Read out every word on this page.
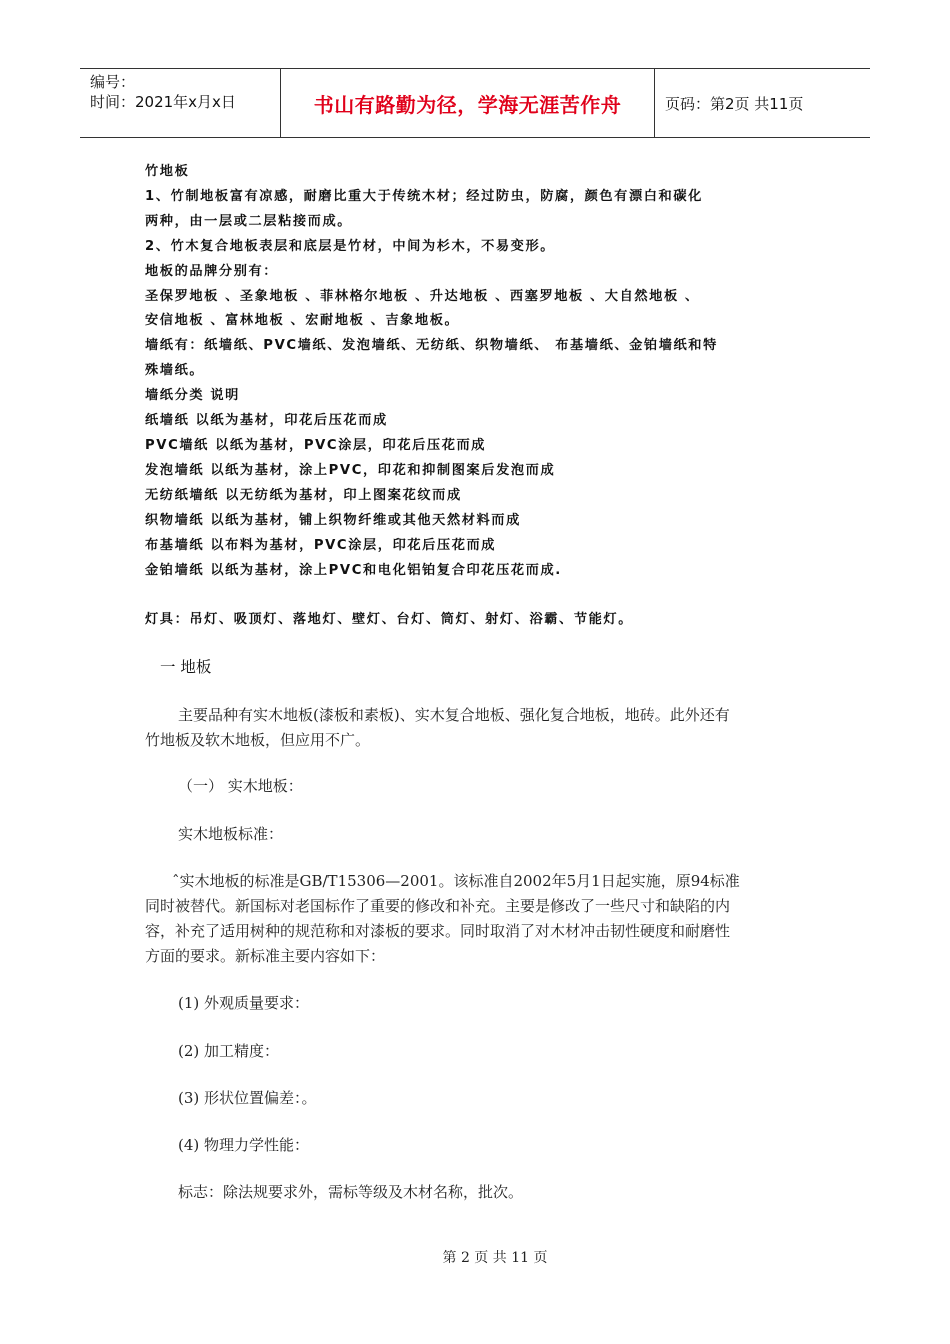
编号：
时间：2021年x月x日	书山有路勤为径，学海无涯苦作舟	页码：第2页 共11页

竹地板

1、竹制地板富有凉感，耐磨比重大于传统木材；经过防虫，防腐，颜色有漂白和碳化

两种，由一层或二层粘接而成。

2、竹木复合地板表层和底层是竹材，中间为杉木，不易变形。

地板的品牌分别有：

圣保罗地板 、圣象地板 、菲林格尔地板 、升达地板 、西塞罗地板 、大自然地板 、

安信地板 、富林地板 、宏耐地板 、吉象地板。

墙纸有：纸墙纸、PVC墙纸、发泡墙纸、无纺纸、织物墙纸、 布基墙纸、金铂墙纸和特

殊墙纸。

墙纸分类 说明

纸墙纸 以纸为基材，印花后压花而成

PVC墙纸 以纸为基材，PVC涂层，印花后压花而成

发泡墙纸 以纸为基材，涂上PVC，印花和抑制图案后发泡而成

无纺纸墙纸 以无纺纸为基材，印上图案花纹而成

织物墙纸 以纸为基材，铺上织物纤维或其他天然材料而成

布基墙纸 以布料为基材，PVC涂层，印花后压花而成

金铂墙纸 以纸为基材，涂上PVC和电化铝铂复合印花压花而成.

灯具：吊灯、吸顶灯、落地灯、壁灯、台灯、筒灯、射灯、浴霸、节能灯。

一 地板
主要品种有实木地板(漆板和素板)、实木复合地板、强化复合地板，地砖。此外还有
竹地板及软木地板，但应用不广。
（一） 实木地板：
实木地板标准：
ˆ实木地板的标准是GB/T15306—2001。该标准自2002年5月1日起实施，原94标准
同时被替代。新国标对老国标作了重要的修改和补充。主要是修改了一些尺寸和缺陷的内
容，补充了适用树种的规范称和对漆板的要求。同时取消了对木材冲击韧性硬度和耐磨性
方面的要求。新标准主要内容如下：
(1) 外观质量要求：
(2) 加工精度：
(3) 形状位置偏差：。
(4) 物理力学性能：
标志：除法规要求外，需标等级及木材名称，批次。
第 2 页 共 11 页
